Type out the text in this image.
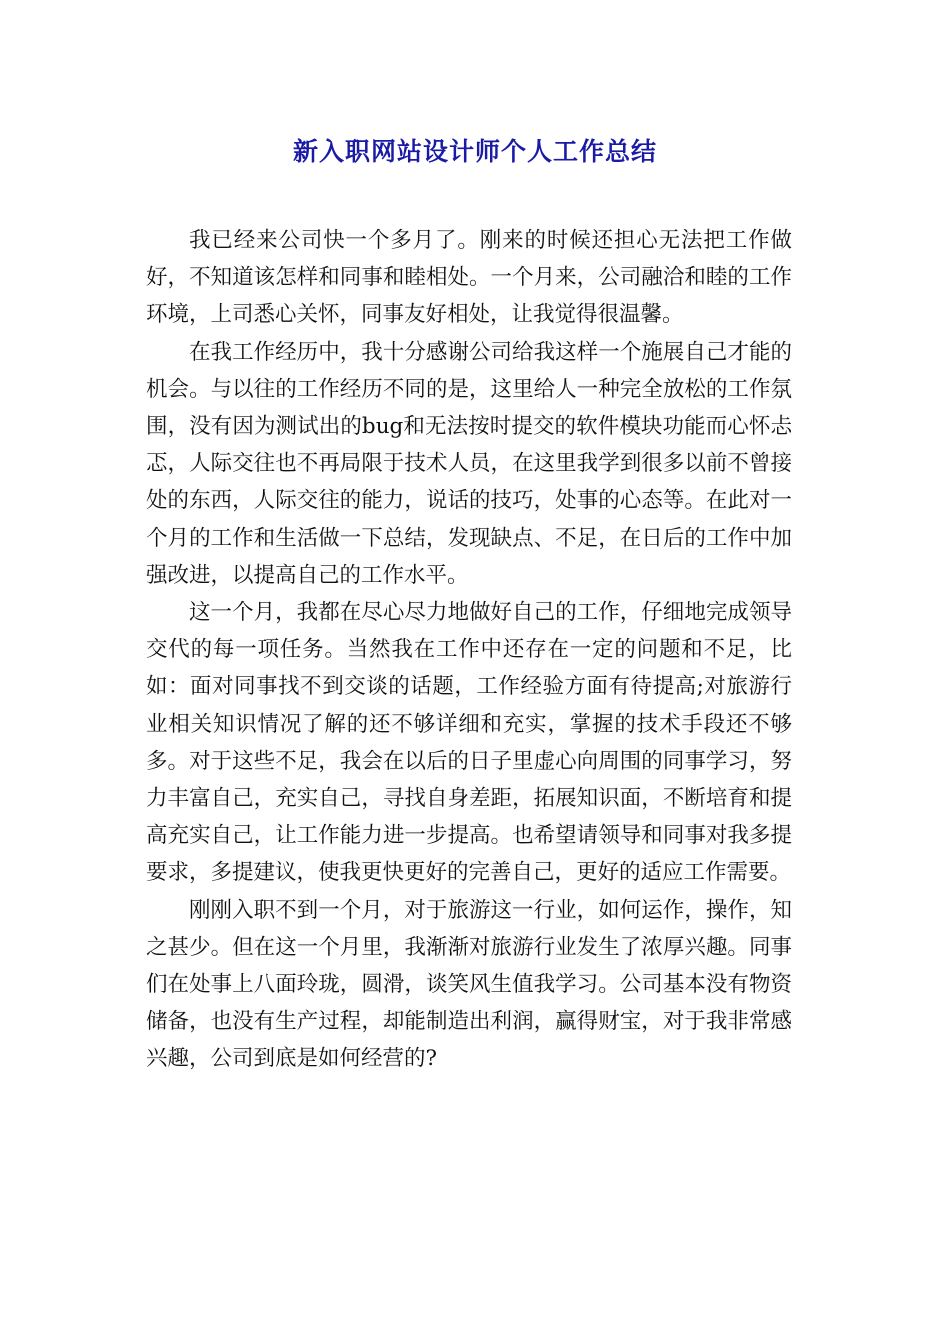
新入职网站设计师个人工作总结

我已经来公司快一个多月了。刚来的时候还担心无法把工作做好，不知道该怎样和同事和睦相处。一个月来，公司融洽和睦的工作环境，上司悉心关怀，同事友好相处，让我觉得很温馨。

在我工作经历中，我十分感谢公司给我这样一个施展自己才能的机会。与以往的工作经历不同的是，这里给人一种完全放松的工作氛围，没有因为测试出的bug和无法按时提交的软件模块功能而心怀忐忑，人际交往也不再局限于技术人员，在这里我学到很多以前不曾接处的东西，人际交往的能力，说话的技巧，处事的心态等。在此对一个月的工作和生活做一下总结，发现缺点、不足，在日后的工作中加强改进，以提高自己的工作水平。

这一个月，我都在尽心尽力地做好自己的工作，仔细地完成领导交代的每一项任务。当然我在工作中还存在一定的问题和不足，比如：面对同事找不到交谈的话题，工作经验方面有待提高;对旅游行业相关知识情况了解的还不够详细和充实，掌握的技术手段还不够多。对于这些不足，我会在以后的日子里虚心向周围的同事学习，努力丰富自己，充实自己，寻找自身差距，拓展知识面，不断培育和提高充实自己，让工作能力进一步提高。也希望请领导和同事对我多提要求，多提建议，使我更快更好的完善自己，更好的适应工作需要。

刚刚入职不到一个月，对于旅游这一行业，如何运作，操作，知之甚少。但在这一个月里，我渐渐对旅游行业发生了浓厚兴趣。同事们在处事上八面玲珑，圆滑，谈笑风生值我学习。公司基本没有物资储备，也没有生产过程，却能制造出利润，赢得财宝，对于我非常感兴趣，公司到底是如何经营的?
